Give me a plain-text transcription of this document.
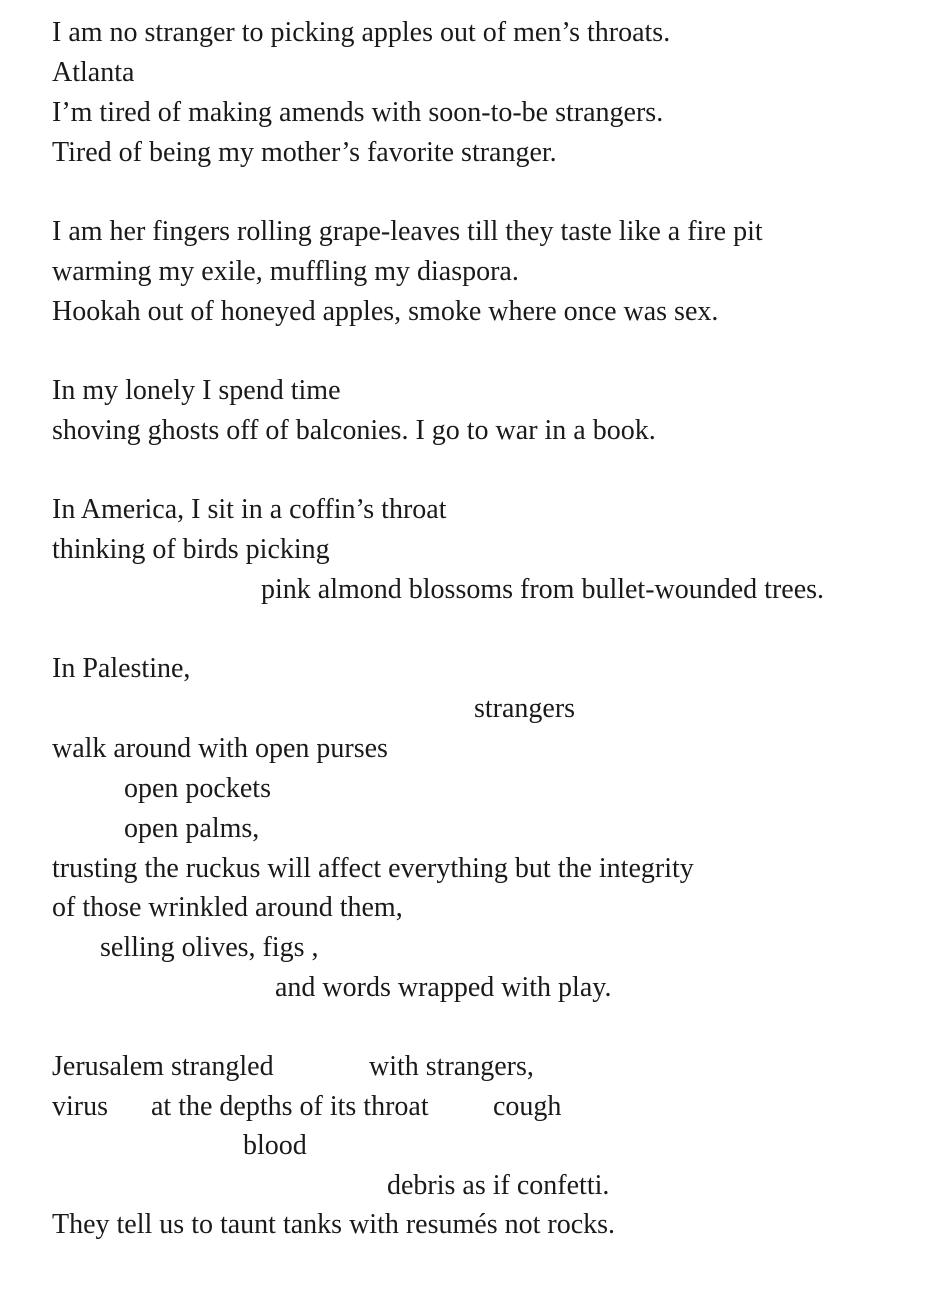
I am no stranger to picking apples out of men’s throats.
Atlanta
I’m tired of making amends with soon-to-be strangers.
Tired of being my mother’s favorite stranger.
I am her fingers rolling grape-leaves till they taste like a fire pit
warming my exile, muffling my diaspora.
Hookah out of honeyed apples, smoke where once was sex.
In my lonely I spend time
shoving ghosts off of balconies. I go to war in a book.
In America, I sit in a coffin’s throat
thinking of birds picking
pink almond blossoms from bullet-wounded trees.
In Palestine,
strangers
walk around with open purses
open pockets
open palms,
trusting the ruckus will affect everything but the integrity
of those wrinkled around them,
selling olives, figs ,
and words wrapped with play.
Jerusalem strangled	with strangers,
virus at the depths of its throat cough
blood
debris as if confetti.
They tell us to taunt tanks with resumés not rocks.
